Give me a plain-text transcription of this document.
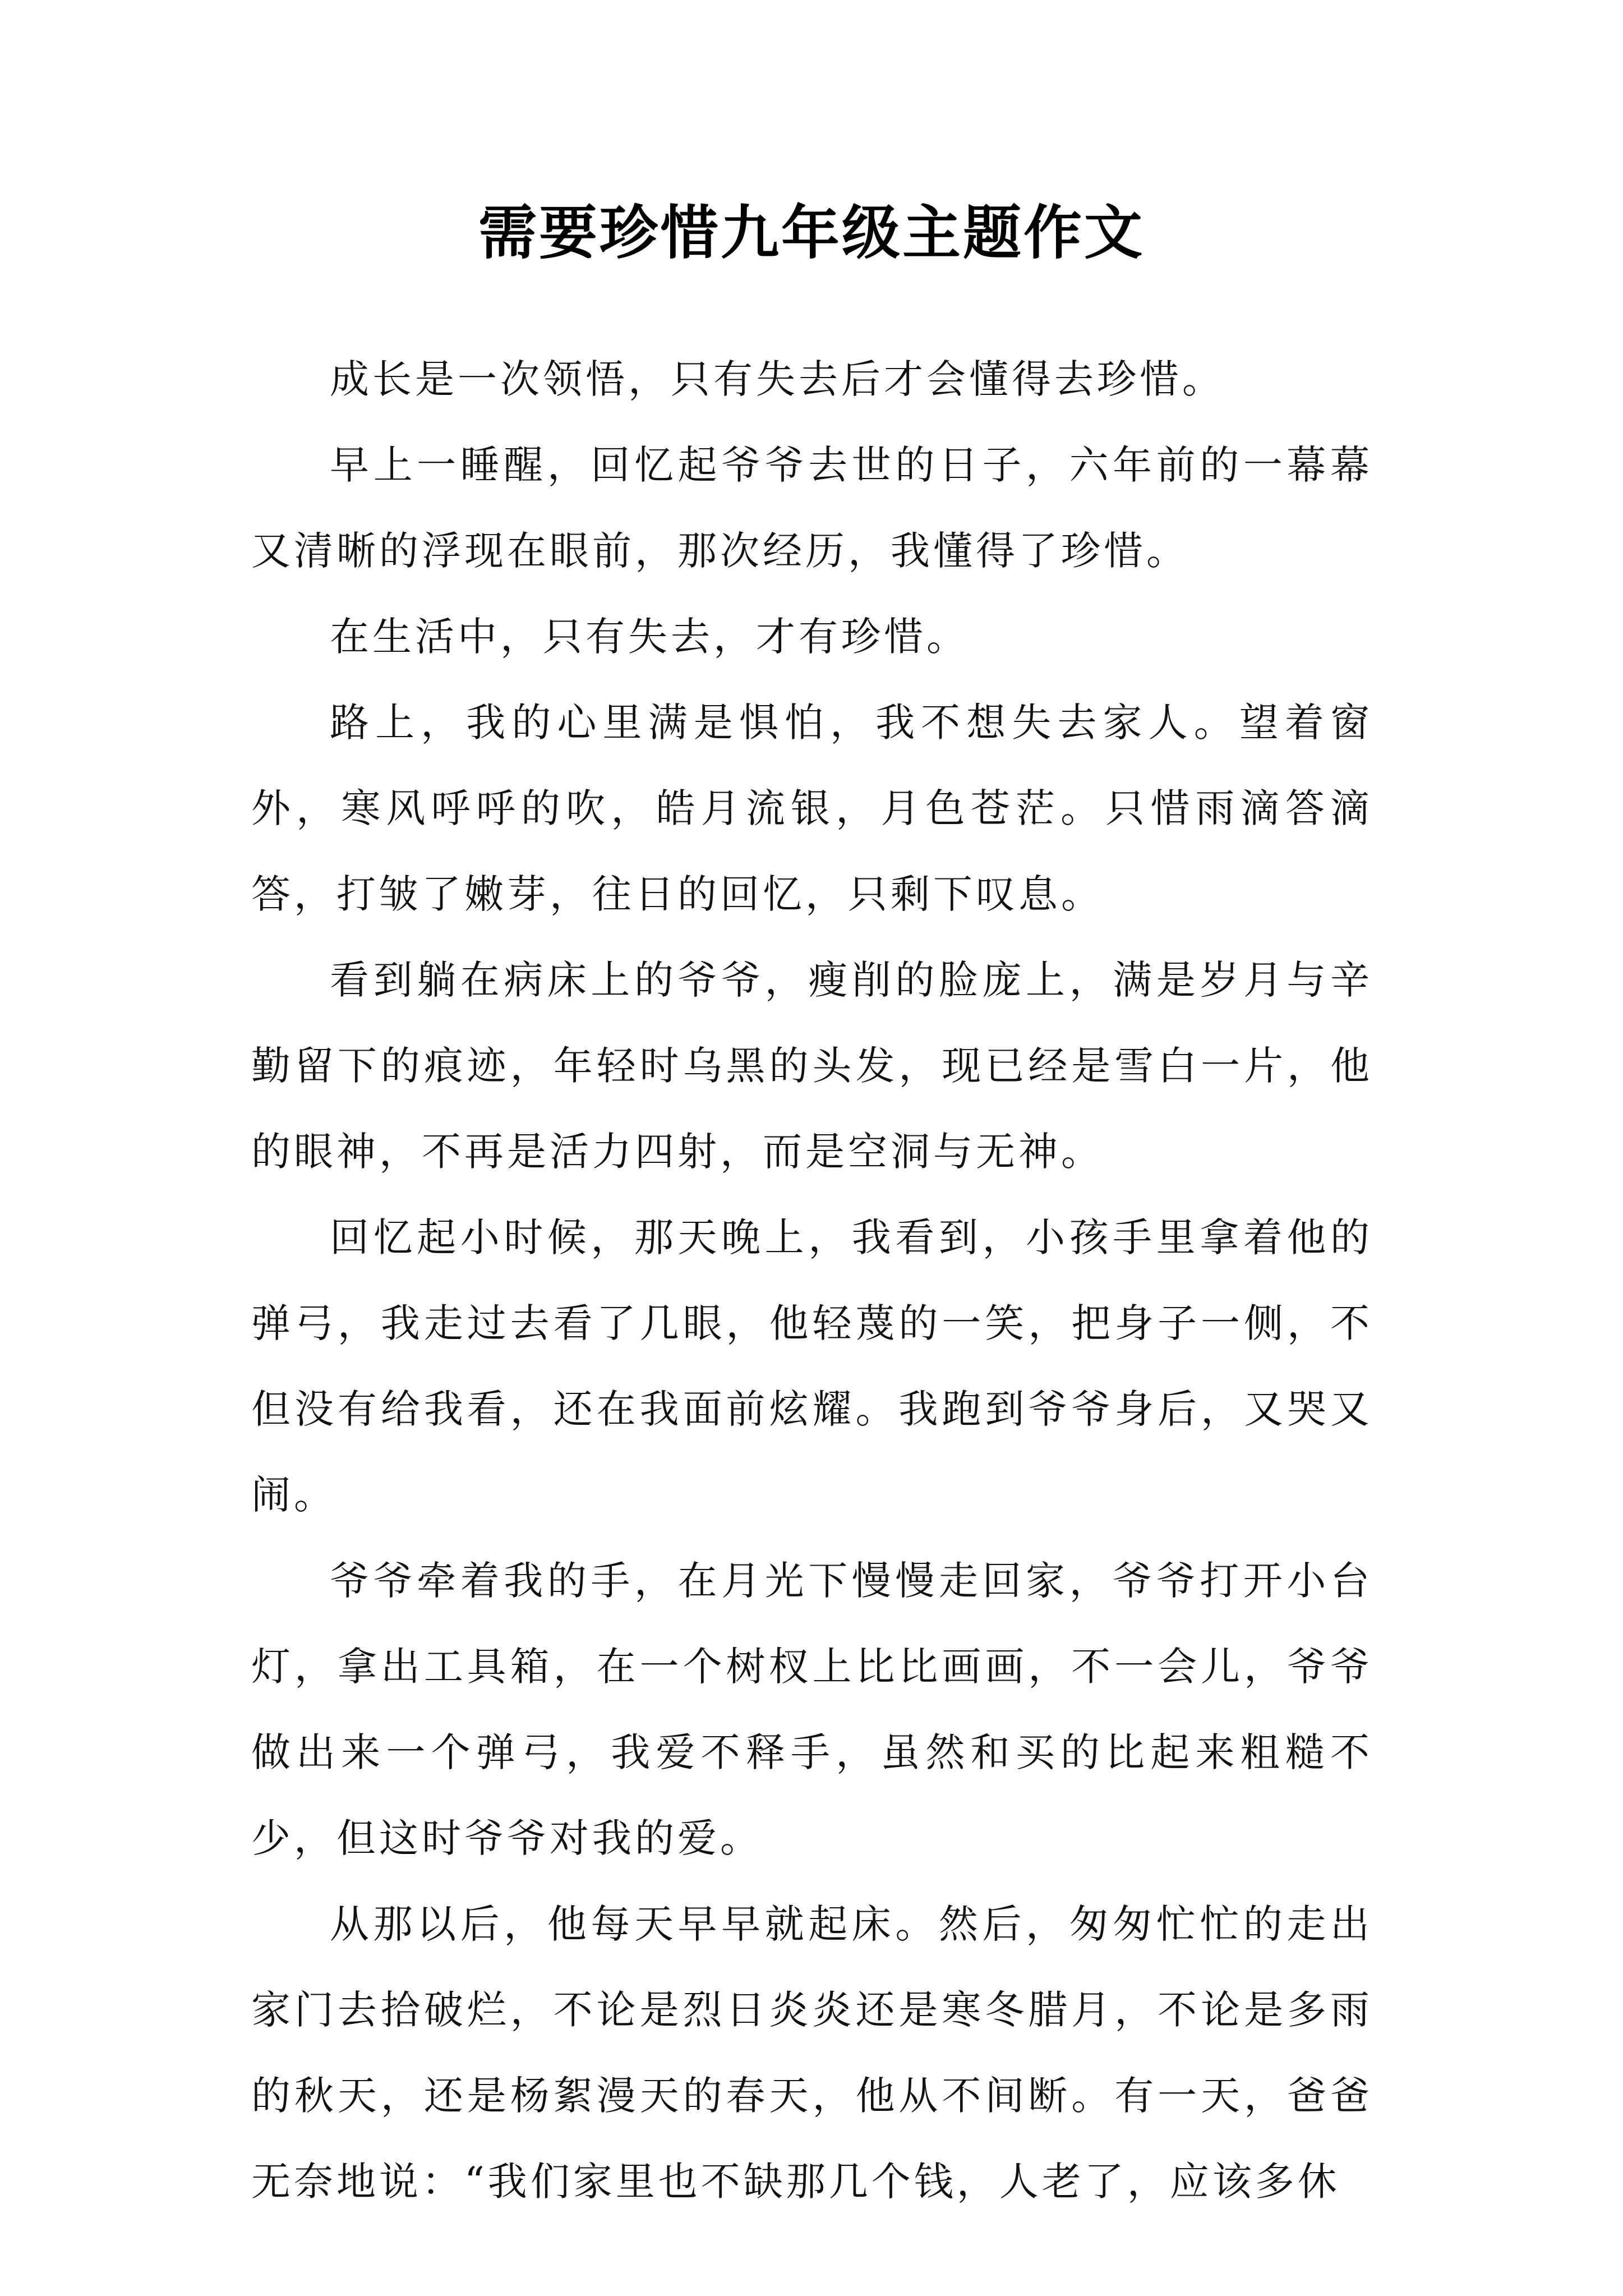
需要珍惜九年级主题作文

成长是一次领悟，只有失去后才会懂得去珍惜。

早上一睡醒，回忆起爷爷去世的日子，六年前的一幕幕又清晰的浮现在眼前，那次经历，我懂得了珍惜。

在生活中，只有失去，才有珍惜。

路上，我的心里满是惧怕，我不想失去家人。望着窗外，寒风呼呼的吹，皓月流银，月色苍茫。只惜雨滴答滴答，打皱了嫩芽，往日的回忆，只剩下叹息。

看到躺在病床上的爷爷，瘦削的脸庞上，满是岁月与辛勤留下的痕迹，年轻时乌黑的头发，现已经是雪白一片，他的眼神，不再是活力四射，而是空洞与无神。

回忆起小时候，那天晚上，我看到，小孩手里拿着他的弹弓，我走过去看了几眼，他轻蔑的一笑，把身子一侧，不但没有给我看，还在我面前炫耀。我跑到爷爷身后，又哭又闹。

爷爷牵着我的手，在月光下慢慢走回家，爷爷打开小台灯，拿出工具箱，在一个树杈上比比画画，不一会儿，爷爷做出来一个弹弓，我爱不释手，虽然和买的比起来粗糙不少，但这时爷爷对我的爱。

从那以后，他每天早早就起床。然后，匆匆忙忙的走出家门去拾破烂，不论是烈日炎炎还是寒冬腊月，不论是多雨的秋天，还是杨絮漫天的春天，他从不间断。有一天，爸爸无奈地说：“我们家里也不缺那几个钱，人老了，应该多休
